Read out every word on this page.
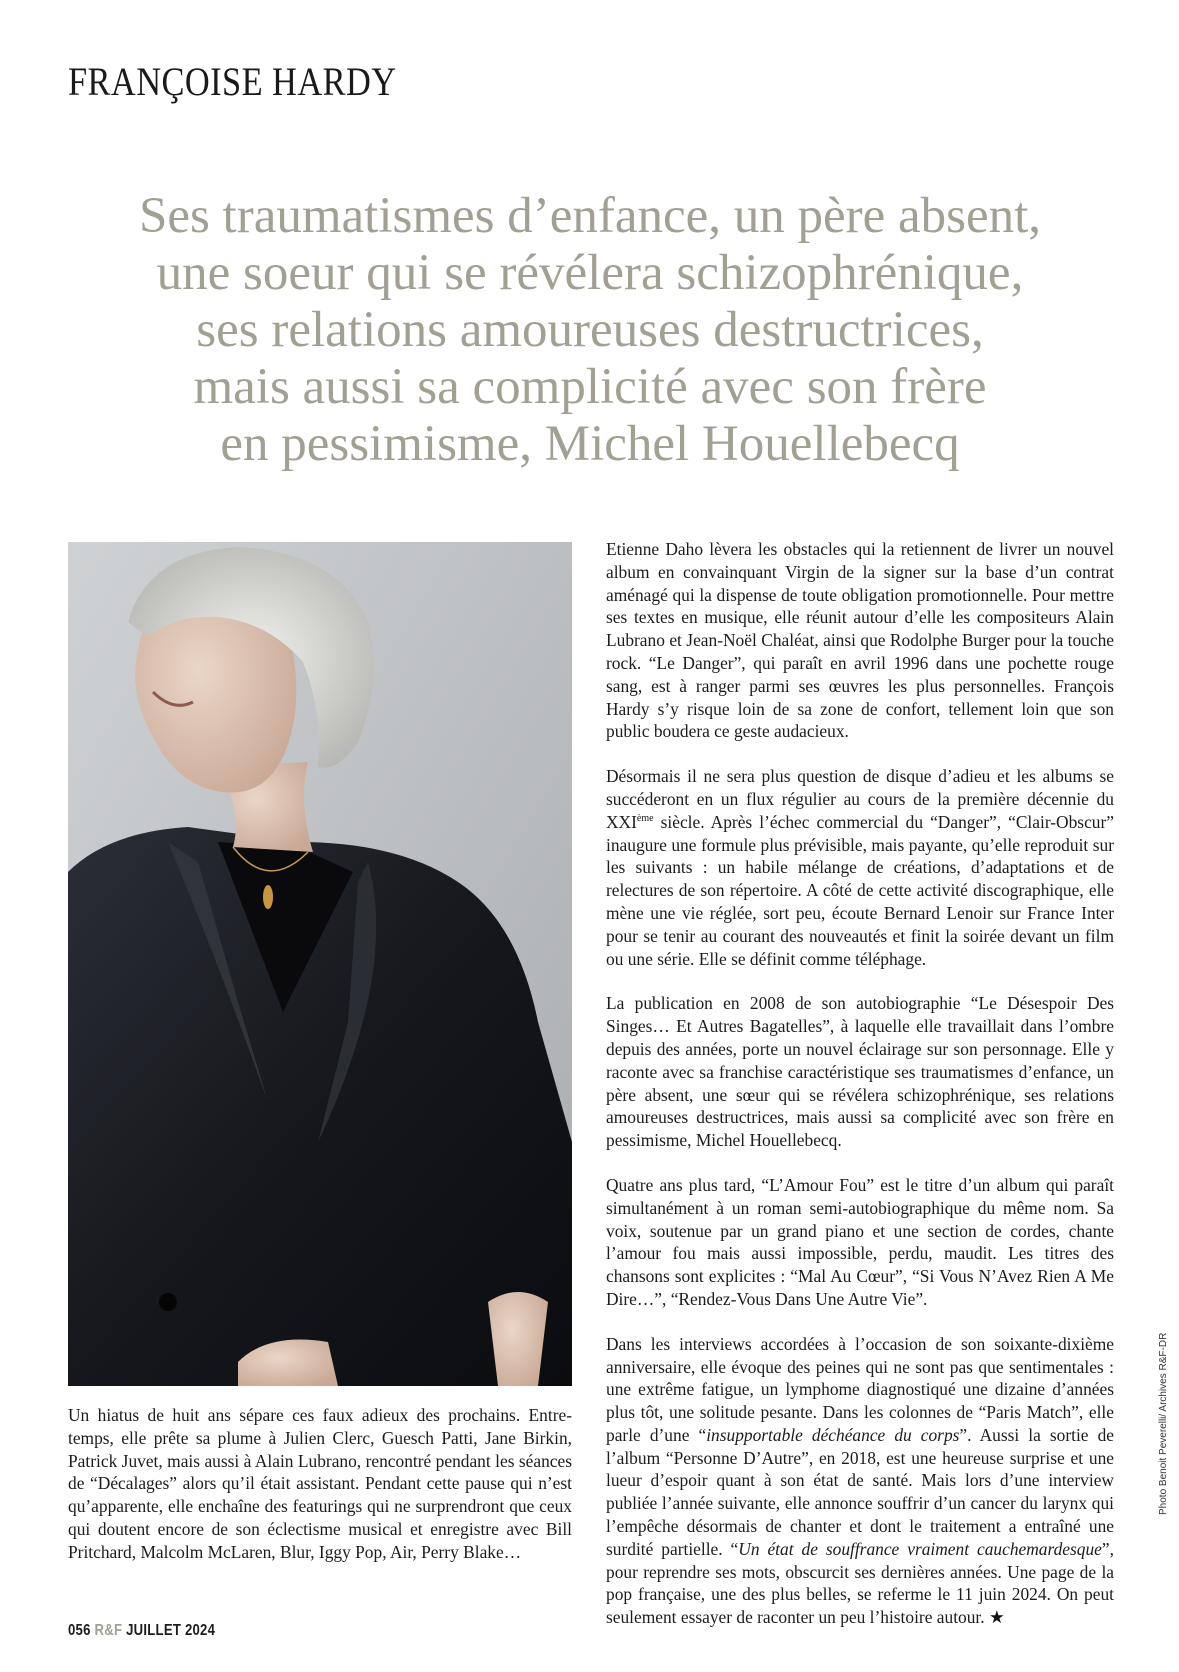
FRANÇOISE HARDY
Ses traumatismes d’enfance, un père absent,
une soeur qui se révélera schizophrénique,
ses relations amoureuses destructrices,
mais aussi sa complicité avec son frère
en pessimisme, Michel Houellebecq

Un hiatus de huit ans sépare ces faux adieux des prochains. Entre-temps, elle prête sa plume à Julien Clerc, Guesch Patti, Jane Birkin, Patrick Juvet, mais aussi à Alain Lubrano, rencontré pendant les séances de “Décalages” alors qu’il était assistant. Pendant cette pause qui n’est qu’apparente, elle enchaîne des featurings qui ne surprendront que ceux qui doutent encore de son éclectisme musical et enregistre avec Bill Pritchard, Malcolm McLaren, Blur, Iggy Pop, Air, Perry Blake…

Etienne Daho lèvera les obstacles qui la retiennent de livrer un nouvel album en convainquant Virgin de la signer sur la base d’un contrat aménagé qui la dispense de toute obligation promotionnelle. Pour mettre ses textes en musique, elle réunit autour d’elle les compositeurs Alain Lubrano et Jean-Noël Chaléat, ainsi que Rodolphe Burger pour la touche rock. “Le Danger”, qui paraît en avril 1996 dans une pochette rouge sang, est à ranger parmi ses œuvres les plus personnelles. François Hardy s’y risque loin de sa zone de confort, tellement loin que son public boudera ce geste audacieux.

Désormais il ne sera plus question de disque d’adieu et les albums se succéderont en un flux régulier au cours de la première décennie du XXIème siècle. Après l’échec commercial du “Danger”, “Clair-Obscur” inaugure une formule plus prévisible, mais payante, qu’elle reproduit sur les suivants : un habile mélange de créations, d’adaptations et de relectures de son répertoire. A côté de cette activité discographique, elle mène une vie réglée, sort peu, écoute Bernard Lenoir sur France Inter pour se tenir au courant des nouveautés et finit la soirée devant un film ou une série. Elle se définit comme téléphage.

La publication en 2008 de son autobiographie “Le Désespoir Des Singes… Et Autres Bagatelles”, à laquelle elle travaillait dans l’ombre depuis des années, porte un nouvel éclairage sur son personnage. Elle y raconte avec sa franchise caractéristique ses traumatismes d’enfance, un père absent, une sœur qui se révélera schizophrénique, ses relations amoureuses destructrices, mais aussi sa complicité avec son frère en pessimisme, Michel Houellebecq.

Quatre ans plus tard, “L’Amour Fou” est le titre d’un album qui paraît simultanément à un roman semi-autobiographique du même nom. Sa voix, soutenue par un grand piano et une section de cordes, chante l’amour fou mais aussi impossible, perdu, maudit. Les titres des chansons sont explicites : “Mal Au Cœur”, “Si Vous N’Avez Rien A Me Dire…”, “Rendez-Vous Dans Une Autre Vie”.

Dans les interviews accordées à l’occasion de son soixante-dixième anniversaire, elle évoque des peines qui ne sont pas que sentimentales : une extrême fatigue, un lymphome diagnostiqué une dizaine d’années plus tôt, une solitude pesante. Dans les colonnes de “Paris Match”, elle parle d’une “insupportable déchéance du corps”. Aussi la sortie de l’album “Personne D’Autre”, en 2018, est une heureuse surprise et une lueur d’espoir quant à son état de santé. Mais lors d’une interview publiée l’année suivante, elle annonce souffrir d’un cancer du larynx qui l’empêche désormais de chanter et dont le traitement a entraîné une surdité partielle. “Un état de souffrance vraiment cauchemardesque”, pour reprendre ses mots, obscurcit ses dernières années. Une page de la pop française, une des plus belles, se referme le 11 juin 2024. On peut seulement essayer de raconter un peu l’histoire autour. ★

Photo Benoit Peverelli/ Archives R&F-DR
056 R&F JUILLET 2024
